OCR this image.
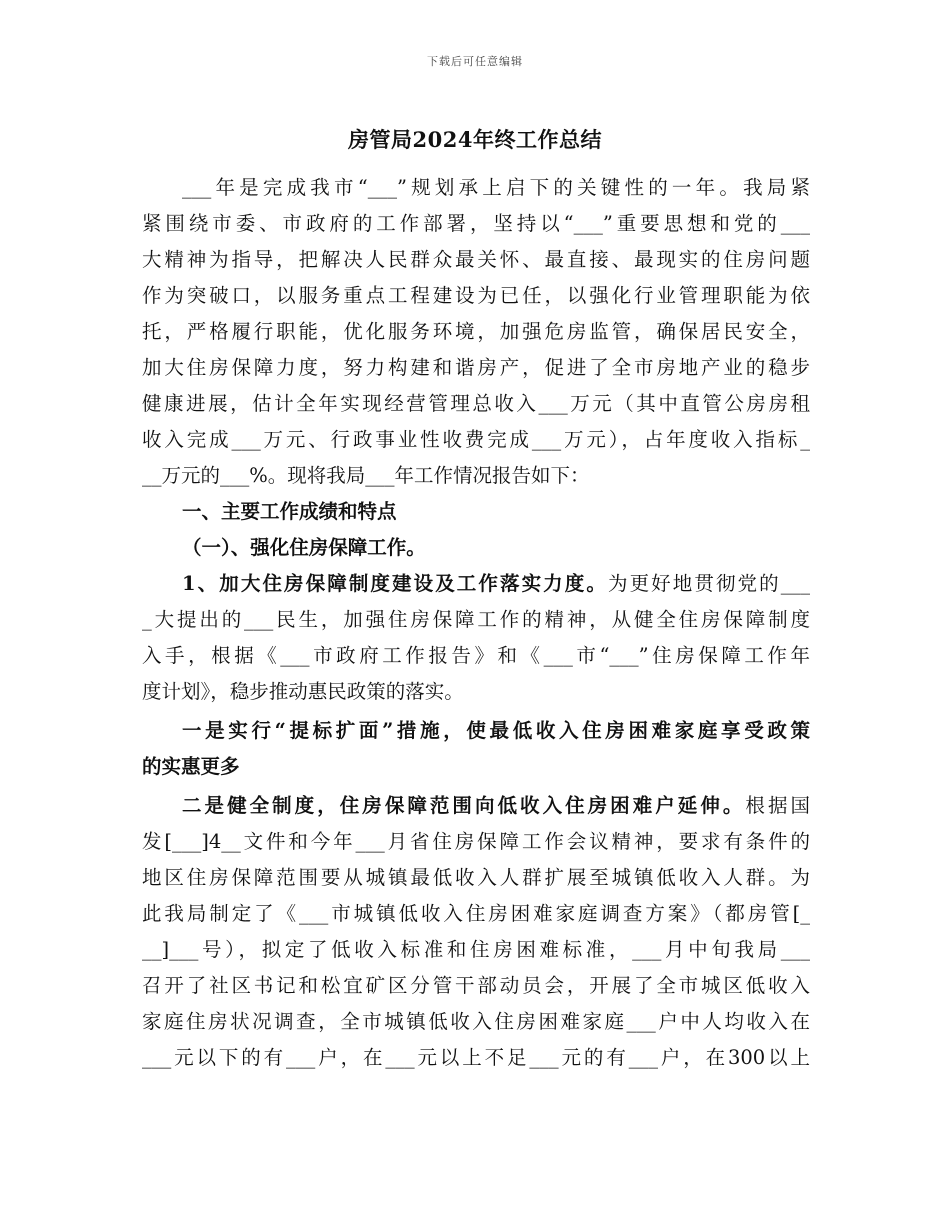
下载后可任意编辑
房管局2024年终工作总结
___年是完成我市“___”规划承上启下的关键性的一年。我局紧
紧围绕市委、市政府的工作部署，坚持以“___”重要思想和党的___
大精神为指导，把解决人民群众最关怀、最直接、最现实的住房问题
作为突破口，以服务重点工程建设为已任，以强化行业管理职能为依
托，严格履行职能，优化服务环境，加强危房监管，确保居民安全，
加大住房保障力度，努力构建和谐房产，促进了全市房地产业的稳步
健康进展，估计全年实现经营管理总收入___万元（其中直管公房房租
收入完成___万元、行政事业性收费完成___万元），占年度收入指标_
__万元的___%。现将我局___年工作情况报告如下：
一、主要工作成绩和特点
（一）、强化住房保障工作。
1、加大住房保障制度建设及工作落实力度。为更好地贯彻党的___
_大提出的___民生，加强住房保障工作的精神，从健全住房保障制度
入手，根据《___市政府工作报告》和《___市“___”住房保障工作年
度计划》，稳步推动惠民政策的落实。
一是实行“提标扩面”措施，使最低收入住房困难家庭享受政策
的实惠更多
二是健全制度，住房保障范围向低收入住房困难户延伸。根据国
发[___]4__文件和今年___月省住房保障工作会议精神，要求有条件的
地区住房保障范围要从城镇最低收入人群扩展至城镇低收入人群。为
此我局制定了《___市城镇低收入住房困难家庭调查方案》（都房管[_
__]___号），拟定了低收入标准和住房困难标准，___月中旬我局___
召开了社区书记和松宜矿区分管干部动员会，开展了全市城区低收入
家庭住房状况调查，全市城镇低收入住房困难家庭___户中人均收入在
___元以下的有___户，在___元以上不足___元的有___户，在300以上
